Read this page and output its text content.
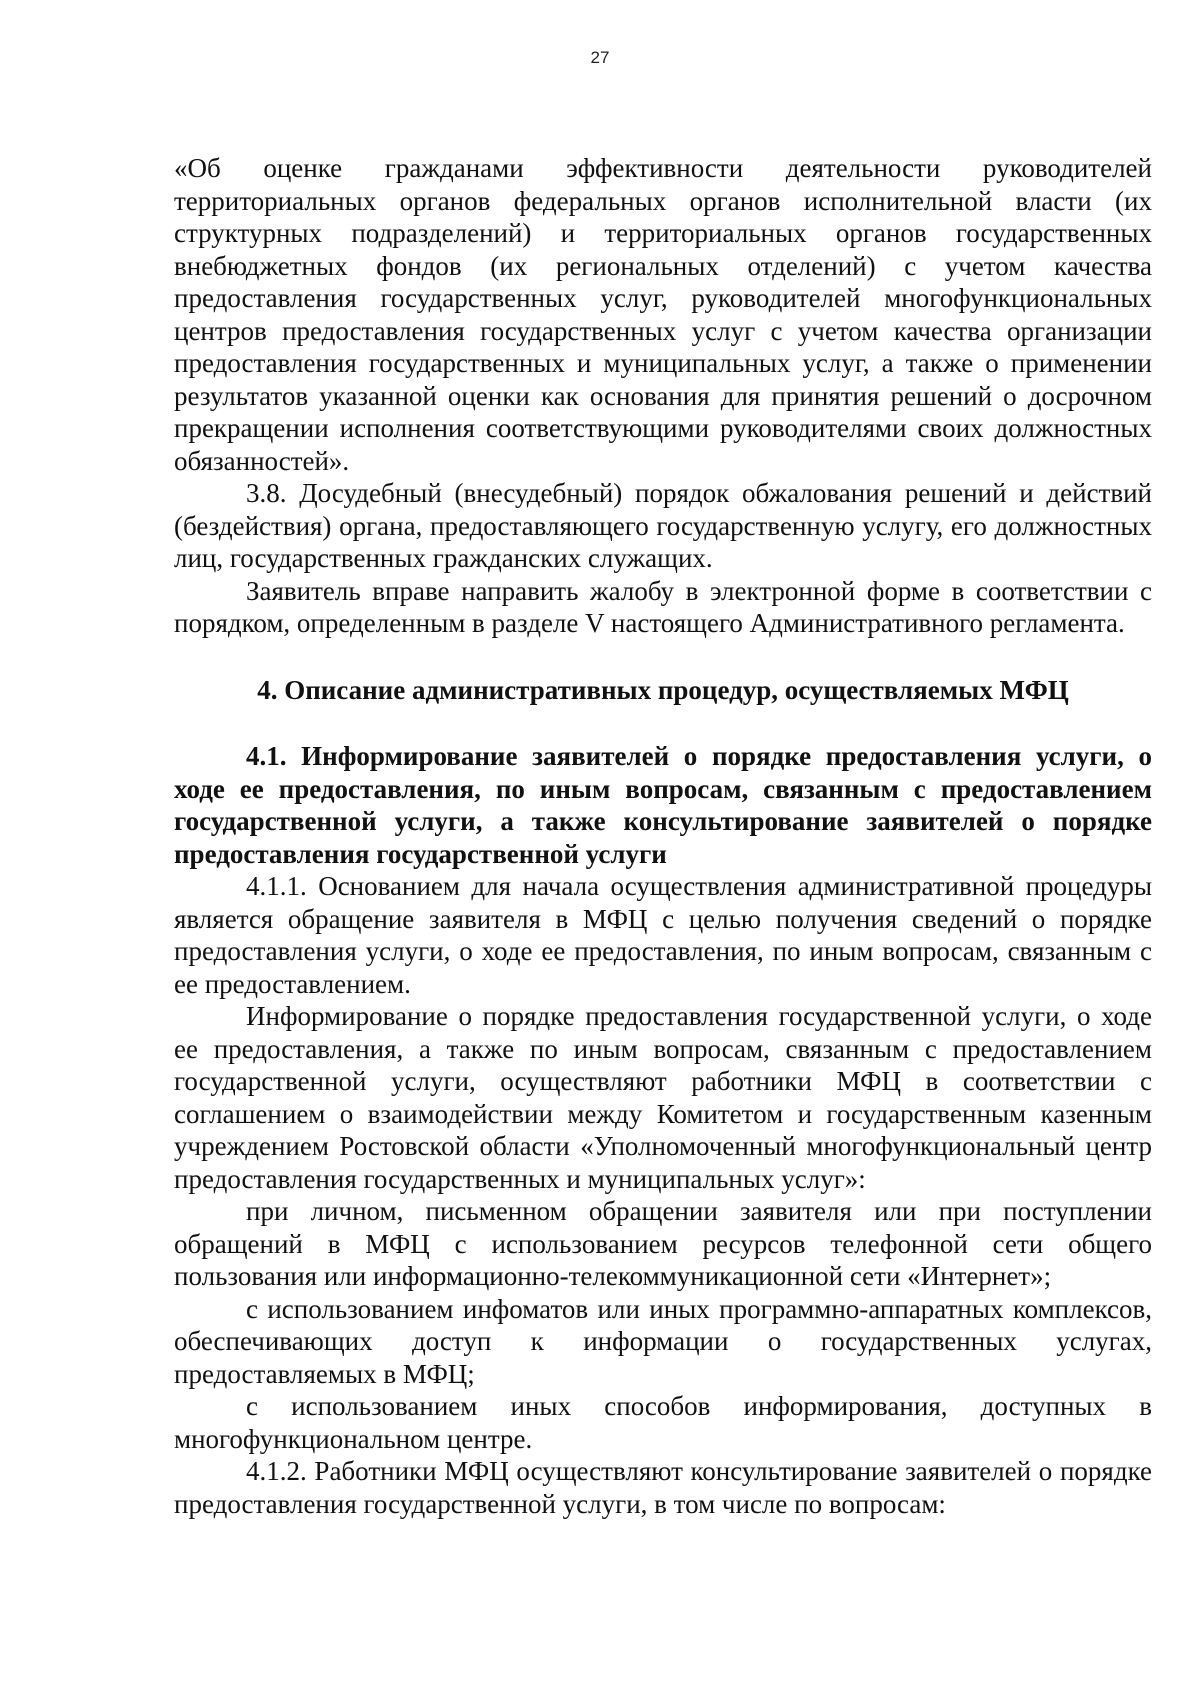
27

«Об оценке гражданами эффективности деятельности руководителей территориальных органов федеральных органов исполнительной власти (их структурных подразделений) и территориальных органов государственных внебюджетных фондов (их региональных отделений) с учетом качества предоставления государственных услуг, руководителей многофункциональных центров предоставления государственных услуг с учетом качества организации предоставления государственных и муниципальных услуг, а также о применении результатов указанной оценки как основания для принятия решений о досрочном прекращении исполнения соответствующими руководителями своих должностных обязанностей».

3.8. Досудебный (внесудебный) порядок обжалования решений и действий (бездействия) органа, предоставляющего государственную услугу, его должностных лиц, государственных гражданских служащих.

Заявитель вправе направить жалобу в электронной форме в соответствии с порядком, определенным в разделе V настоящего Административного регламента.

4. Описание административных процедур, осуществляемых МФЦ

4.1. Информирование заявителей о порядке предоставления услуги, о ходе ее предоставления, по иным вопросам, связанным с предоставлением государственной услуги, а также консультирование заявителей о порядке предоставления государственной услуги

4.1.1. Основанием для начала осуществления административной процедуры является обращение заявителя в МФЦ с целью получения сведений о порядке предоставления услуги, о ходе ее предоставления, по иным вопросам, связанным с ее предоставлением.

Информирование о порядке предоставления государственной услуги, о ходе ее предоставления, а также по иным вопросам, связанным с предоставлением государственной услуги, осуществляют работники МФЦ в соответствии с соглашением о взаимодействии между Комитетом и государственным казенным учреждением Ростовской области «Уполномоченный многофункциональный центр предоставления государственных и муниципальных услуг»:

при личном, письменном обращении заявителя или при поступлении обращений в МФЦ с использованием ресурсов телефонной сети общего пользования или информационно-телекоммуникационной сети «Интернет»;

с использованием инфоматов или иных программно-аппаратных комплексов, обеспечивающих доступ к информации о государственных услугах, предоставляемых в МФЦ;

с использованием иных способов информирования, доступных в многофункциональном центре.

4.1.2. Работники МФЦ осуществляют консультирование заявителей о порядке предоставления государственной услуги, в том числе по вопросам:
